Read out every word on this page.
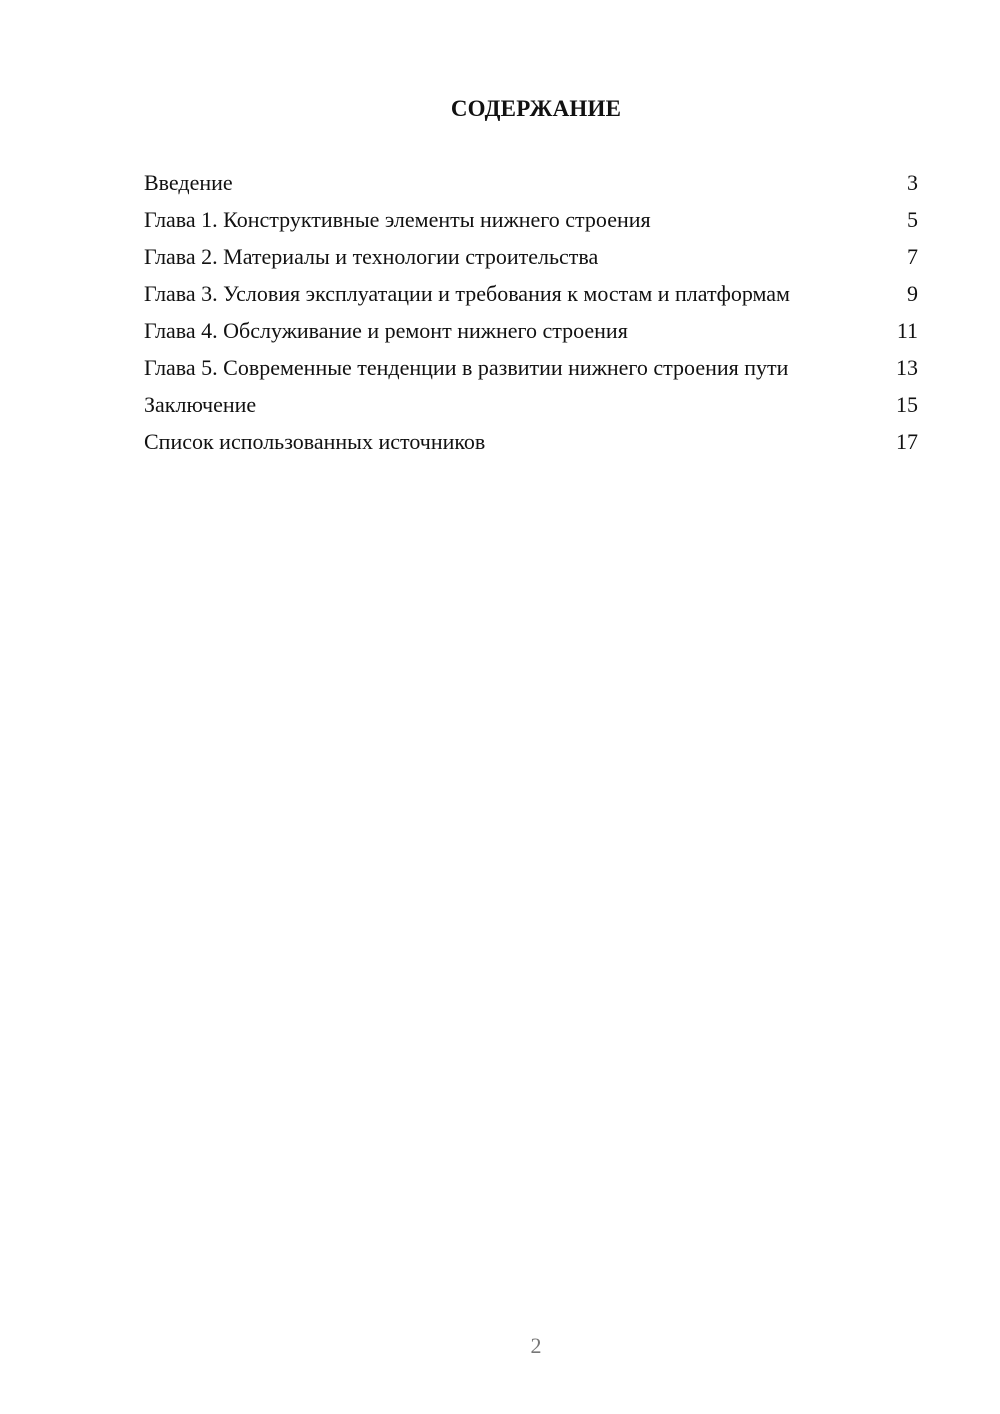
СОДЕРЖАНИЕ
Введение	3
Глава 1. Конструктивные элементы нижнего строения	5
Глава 2. Материалы и технологии строительства	7
Глава 3. Условия эксплуатации и требования к мостам и платформам	9
Глава 4. Обслуживание и ремонт нижнего строения	11
Глава 5. Современные тенденции в развитии нижнего строения пути	13
Заключение	15
Список использованных источников	17
2
